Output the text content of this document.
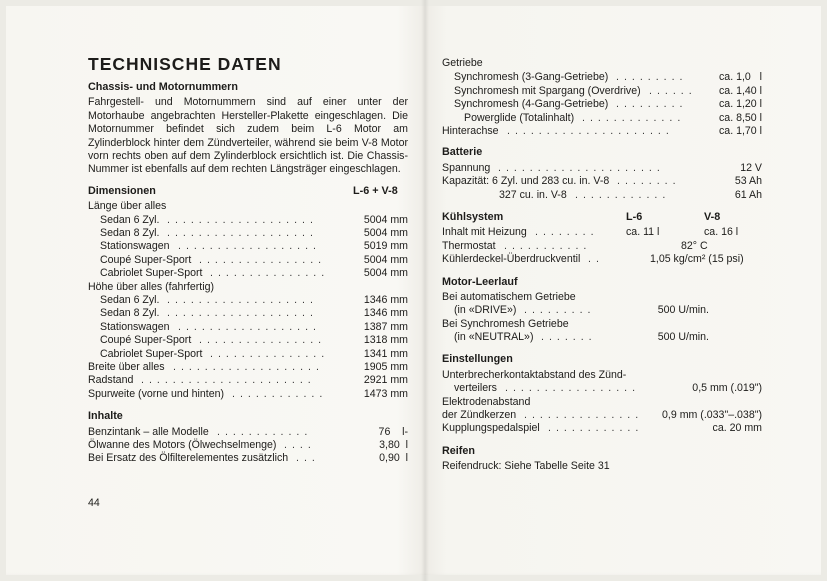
TECHNISCHE DATEN
Chassis- und Motornummern
Fahrgestell- und Motornummern sind auf einer unter der Motorhaube angebrachten Hersteller-Plakette eingeschlagen. Die Motornummer befindet sich zudem beim L-6 Motor am Zylinderblock hinter dem Zündverteiler, während sie beim V-8 Motor vorn rechts oben auf dem Zylinderblock ersichtlich ist. Die Chassis-Nummer ist ebenfalls auf dem rechten Längsträger eingeschlagen.
Dimensionen	L-6 + V-8
Länge über alles
Sedan 6 Zyl.	5004 mm
...................
Sedan 8 Zyl.	5004 mm
...................
Stationswagen	5019 mm
..................
Coupé Super-Sport	5004 mm
................
Cabriolet Super-Sport	5004 mm
...............
Höhe über alles (fahrfertig)
Sedan 6 Zyl.	1346 mm
...................
Sedan 8 Zyl.	1346 mm
...................
Stationswagen	1387 mm
..................
Coupé Super-Sport	1318 mm
................
Cabriolet Super-Sport	1341 mm
...............
Breite über alles	1905 mm
...................
Radstand	2921 mm
......................
Spurweite (vorne und hinten)	1473 mm
............
Inhalte
Benzintank – alle Modelle	76    l-
............
Ölwanne des Motors (Ölwechselmenge)	3,80  l
....
Bei Ersatz des Ölfilterelementes zusätzlich	0,90  l
...
44
Getriebe
Synchromesh (3-Gang-Getriebe)	ca. 1,0   l
.........
Synchromesh mit Spargang (Overdrive)	ca. 1,40 l
......
Synchromesh (4-Gang-Getriebe)	ca. 1,20 l
.........
Powerglide (Totalinhalt)	ca. 8,50 l
.............
Hinterachse	ca. 1,70 l
.....................
Batterie
Spannung	12 V
.....................
Kapazität: 6 Zyl. und 283 cu. in. V-8	53 Ah
........
327 cu. in. V-8	61 Ah
............
Kühlsystem	L-6	V-8
Inhalt mit Heizung	ca. 11 l	ca. 16 l
........
Thermostat	82° C
...........
Kühlerdeckel-Überdruckventil	1,05 kg/cm² (15 psi)
..
Motor-Leerlauf
Bei automatischem Getriebe
(in «DRIVE»)	500 U/min.
.........
Bei Synchromesh Getriebe
(in «NEUTRAL»)	500 U/min.
.......
Einstellungen
Unterbrecherkontaktabstand des Zünd-
verteilers	0,5 mm (.019")
.................
Elektrodenabstand
der Zündkerzen	0,9 mm (.033"–.038")
...............
Kupplungspedalspiel	ca. 20 mm
............
Reifen
Reifendruck: Siehe Tabelle Seite 31
